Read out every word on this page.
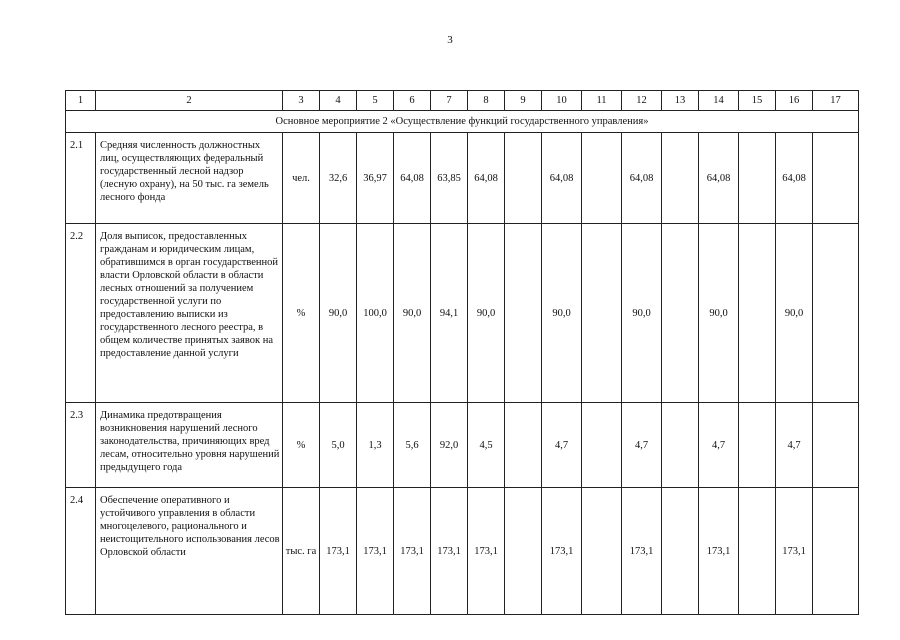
3
1	2	3	4	5	6	7	8	9	10	11	12	13	14	15	16	17
Основное мероприятие 2 «Осуществление функций государственного управления»																
2.1	Средняя численность должностных лиц, осуществляющих федеральный государственный лесной надзор (лесную охрану), на 50 тыс. га земель лесного фонда	чел.	32,6	36,97	64,08	63,85	64,08		64,08		64,08		64,08		64,08	
2.2	Доля выписок, предоставленных гражданам и юридическим лицам, обратившимся в орган государственной власти Орловской области в области лесных отношений за получением государственной услуги по предоставлению выписки из государственного лесного реестра, в общем количестве принятых заявок на предоставление данной услуги	%	90,0	100,0	90,0	94,1	90,0		90,0		90,0		90,0		90,0	
2.3	Динамика предотвращения возникновения нарушений лесного законодательства, причиняющих вред лесам, относительно уровня нарушений предыдущего года	%	5,0	1,3	5,6	92,0	4,5		4,7		4,7		4,7		4,7	
2.4	Обеспечение оперативного и устойчивого управления в области многоцелевого, рационального и неистощительного использования лесов Орловской области	тыс. га	173,1	173,1	173,1	173,1	173,1		173,1		173,1		173,1		173,1	
